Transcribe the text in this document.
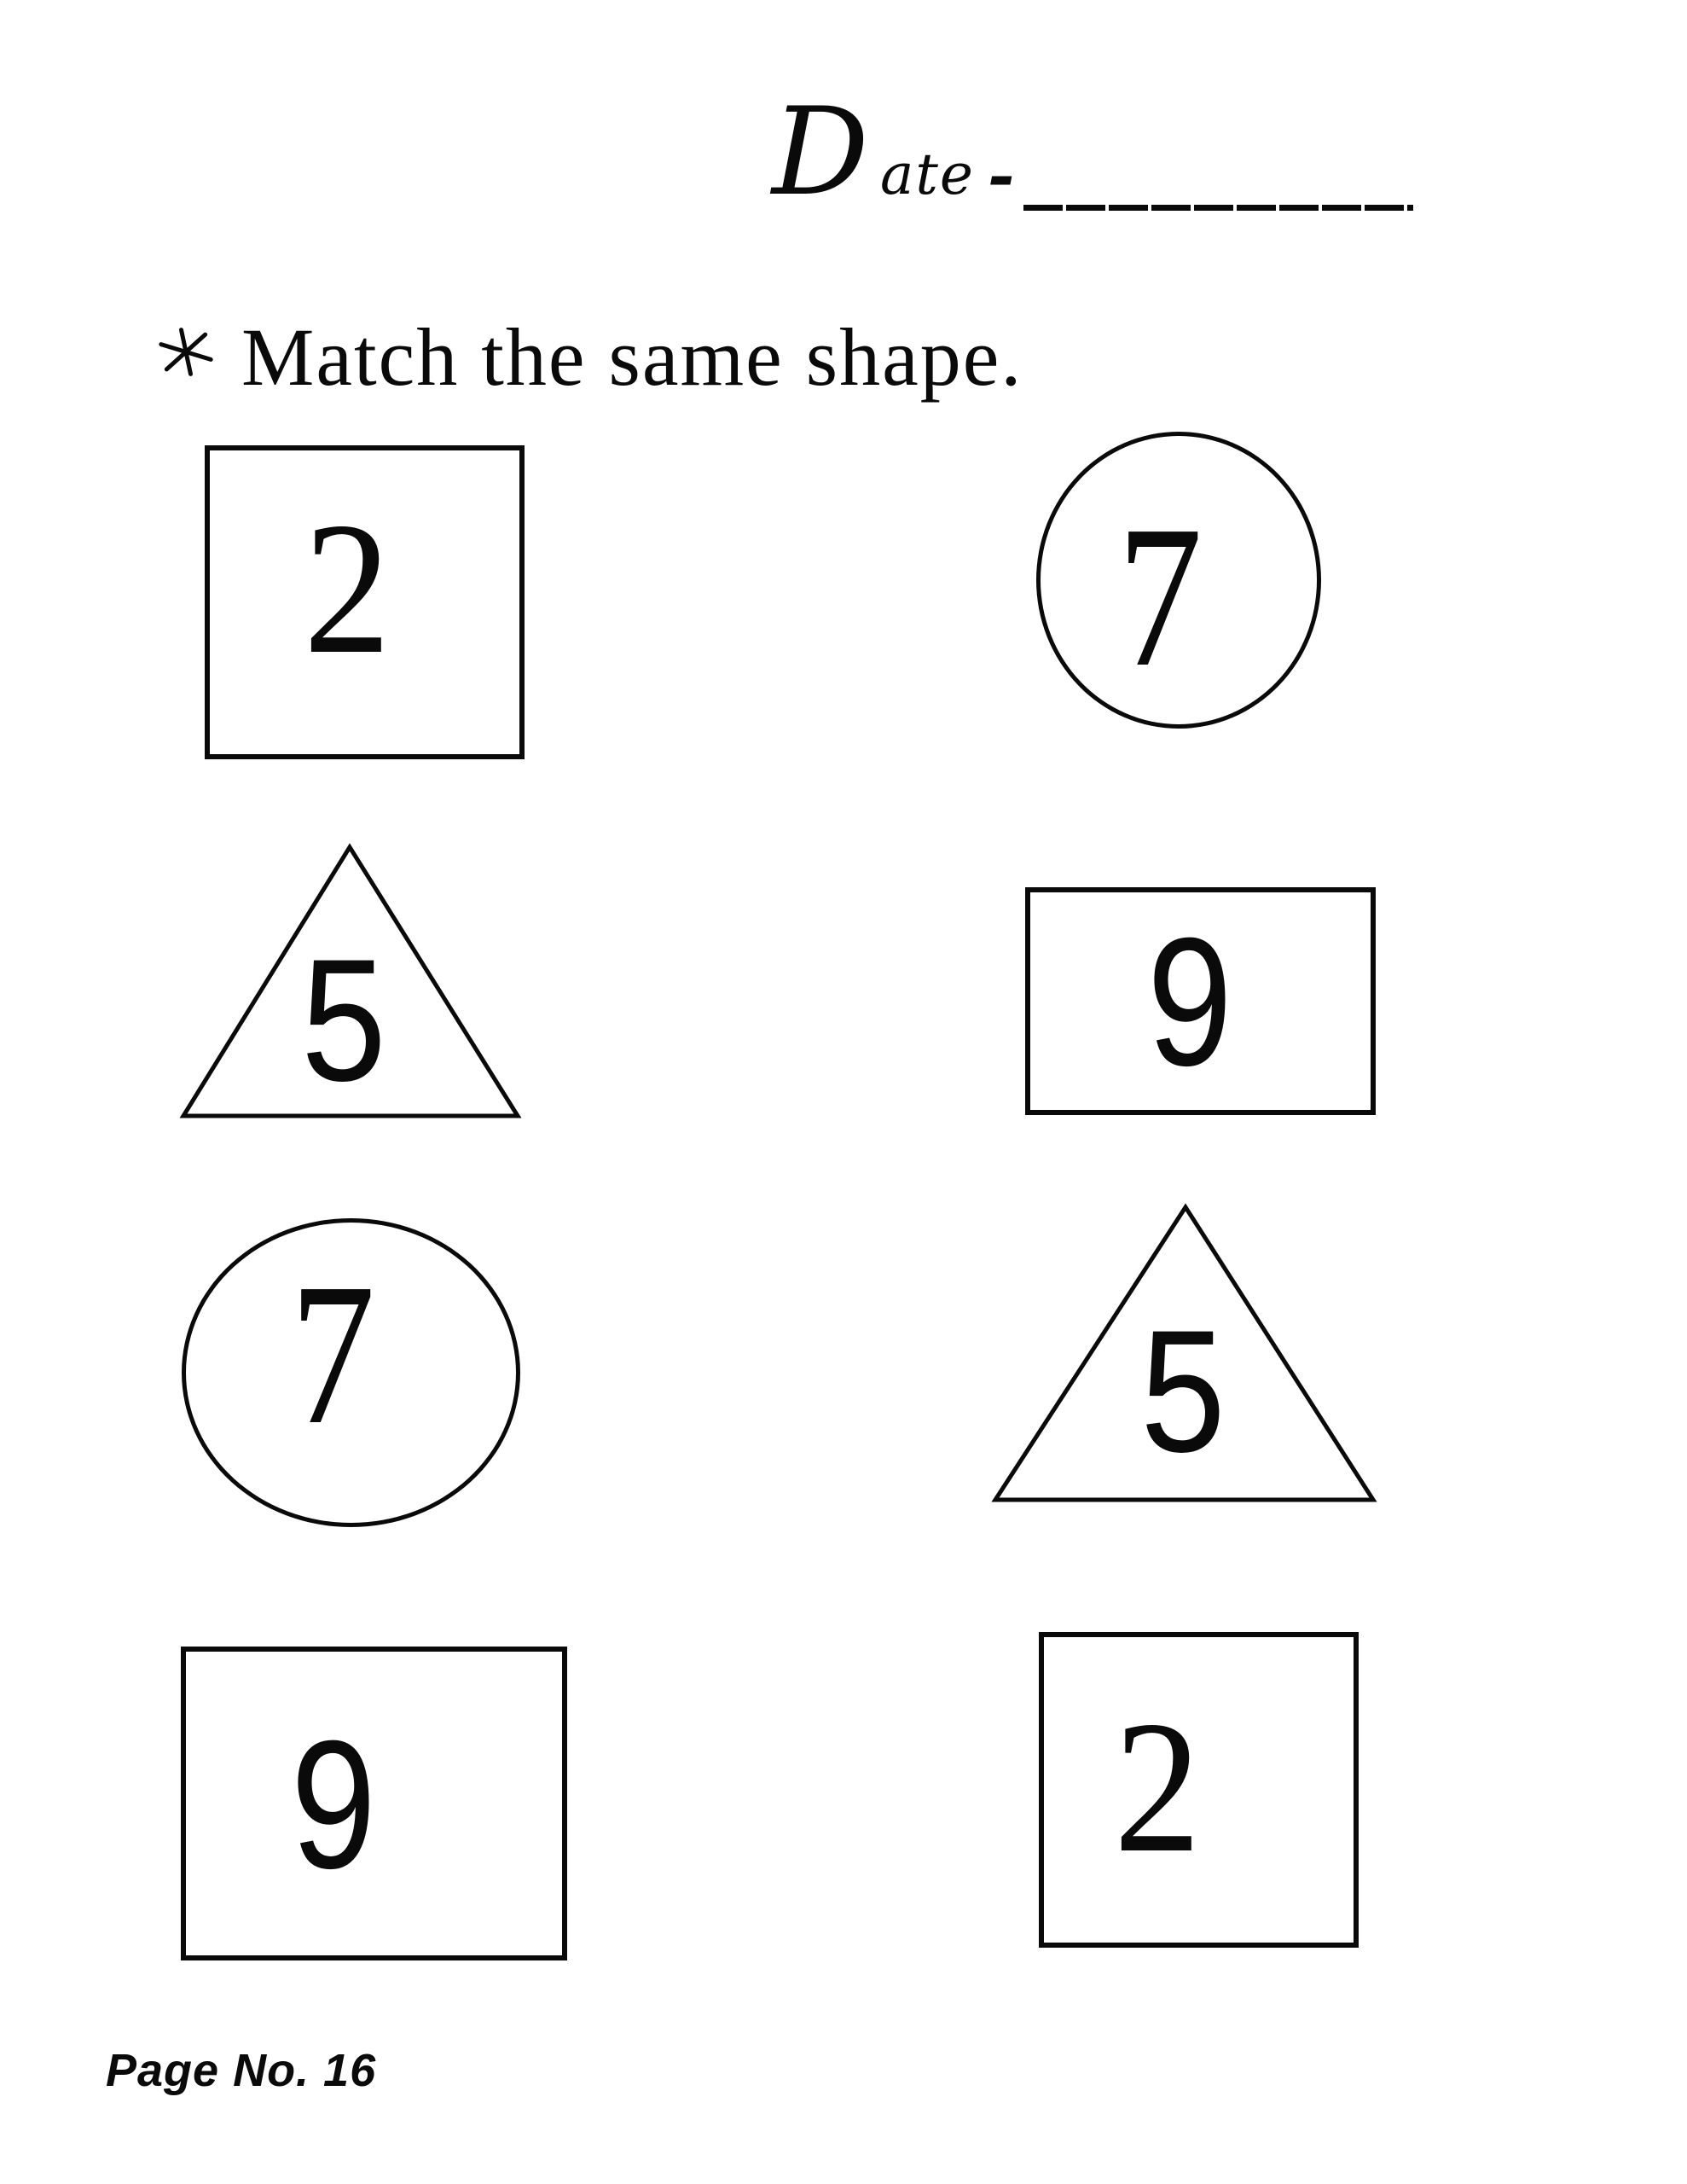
D ate -
Match the same shape.
2	7
5	9
7	5
9	2
Page No. 16
